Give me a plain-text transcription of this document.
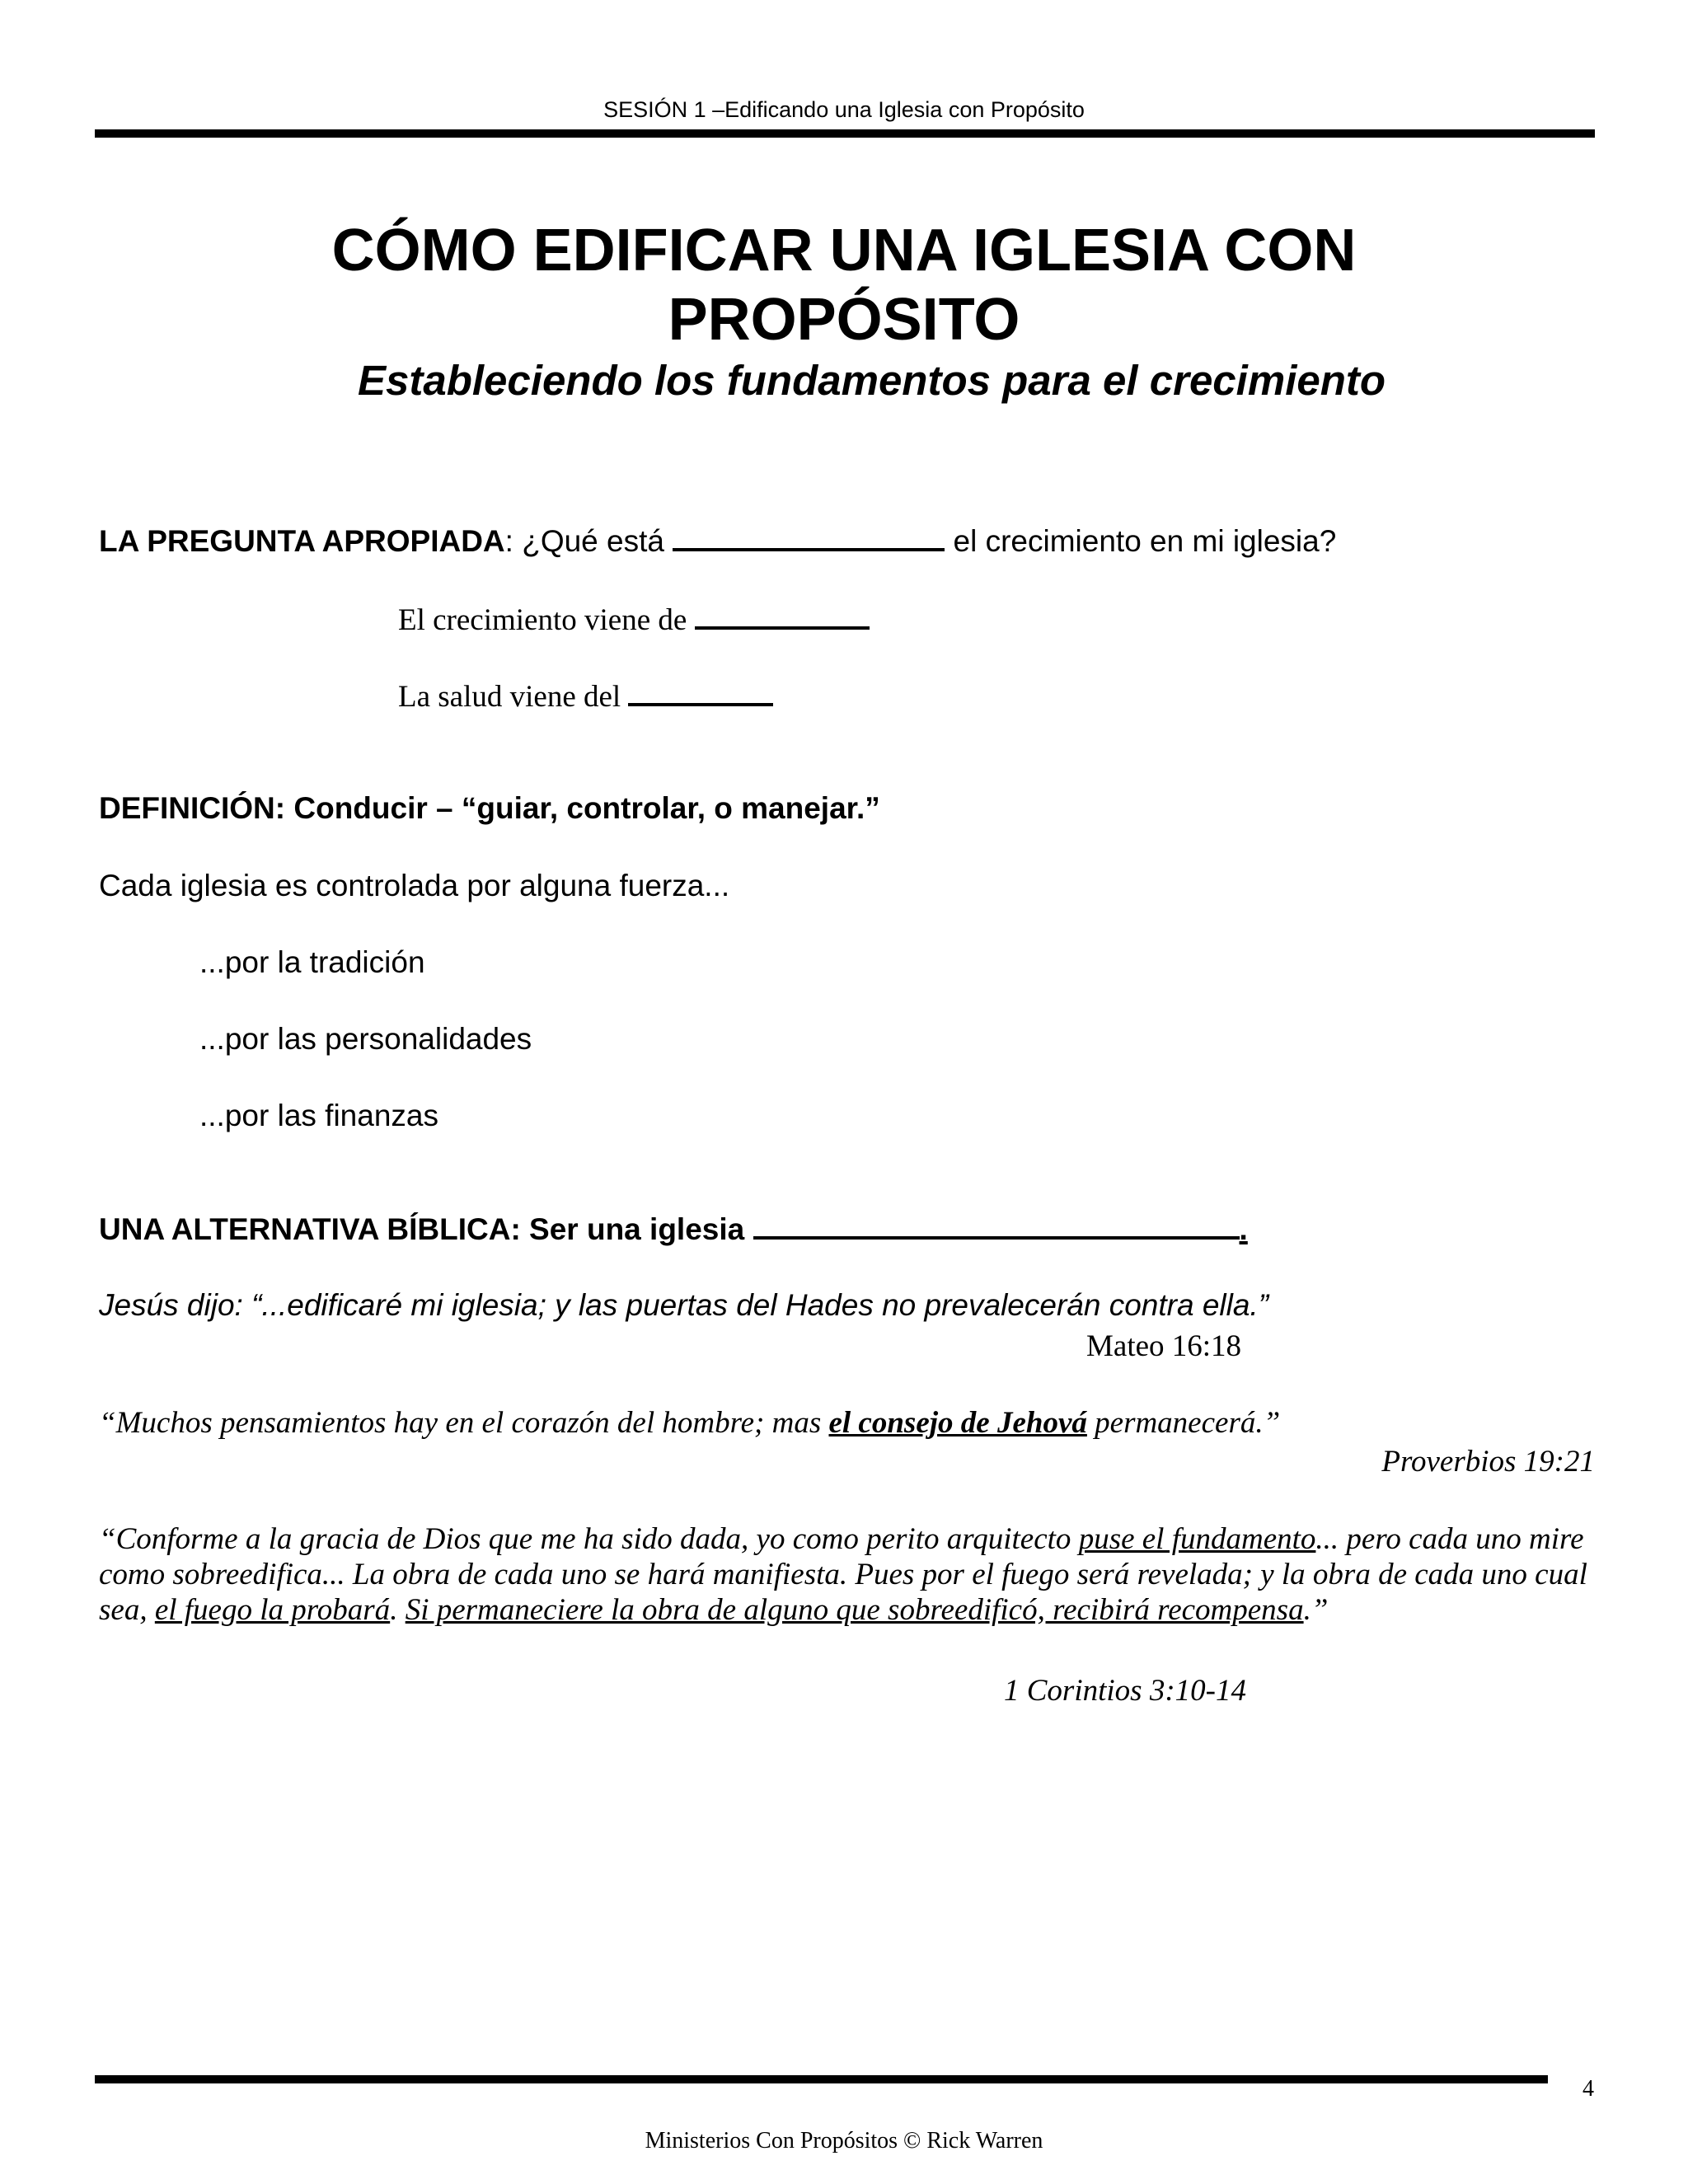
SESIÓN 1 –Edificando una Iglesia con Propósito
CÓMO EDIFICAR UNA IGLESIA CON
PROPÓSITO
Estableciendo los fundamentos para el crecimiento
LA PREGUNTA APROPIADA: ¿Qué está	el crecimiento en mi iglesia?
El crecimiento viene de
La salud viene del
DEFINICIÓN: Conducir – “guiar, controlar, o manejar.”
Cada iglesia es controlada por alguna fuerza...
...por la tradición
...por las personalidades
...por las finanzas
UNA ALTERNATIVA BÍBLICA: Ser una iglesia	.
Jesús dijo: “...edificaré mi iglesia; y las puertas del Hades no prevalecerán contra ella.”
Mateo 16:18
“Muchos pensamientos hay en el corazón del hombre; mas el consejo de Jehová permanecerá.”
Proverbios 19:21
“Conforme a la gracia de Dios que me ha sido dada, yo como perito arquitecto puse el fundamento... pero cada uno mire como sobreedifica... La obra de cada uno se hará manifiesta. Pues por el fuego será revelada; y la obra de cada uno cual sea, el fuego la probará. Si permaneciere la obra de alguno que sobreedificó, recibirá recompensa.”
1 Corintios 3:10-14
4
Ministerios Con Propósitos © Rick Warren
